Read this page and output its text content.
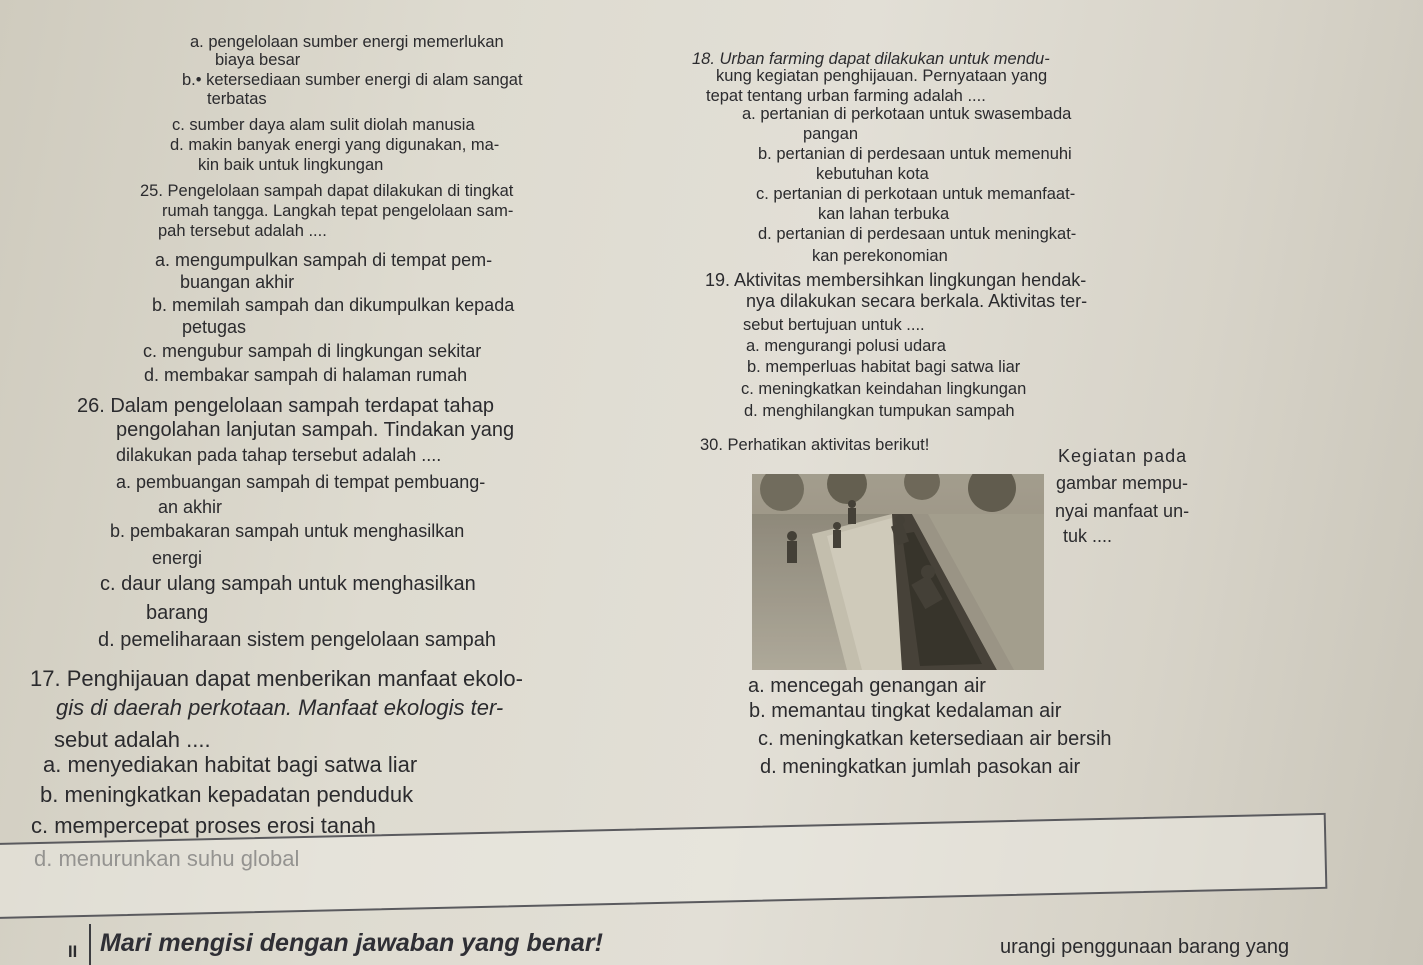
a. pengelolaan sumber energi memerlukan
biaya besar
b.• ketersediaan sumber energi di alam sangat
terbatas
c. sumber daya alam sulit diolah manusia
d. makin banyak energi yang digunakan, ma-
kin baik untuk lingkungan
25. Pengelolaan sampah dapat dilakukan di tingkat
rumah tangga. Langkah tepat pengelolaan sam-
pah tersebut adalah ....
a. mengumpulkan sampah di tempat pem-
buangan akhir
b. memilah sampah dan dikumpulkan kepada
petugas
c. mengubur sampah di lingkungan sekitar
d. membakar sampah di halaman rumah
26. Dalam pengelolaan sampah terdapat tahap
pengolahan lanjutan sampah. Tindakan yang
dilakukan pada tahap tersebut adalah ....
a. pembuangan sampah di tempat pembuang-
an akhir
b. pembakaran sampah untuk menghasilkan
energi
c. daur ulang sampah untuk menghasilkan
barang
d. pemeliharaan sistem pengelolaan sampah
17. Penghijauan dapat menberikan manfaat ekolo-
gis di daerah perkotaan. Manfaat ekologis ter-
sebut adalah ....
a. menyediakan habitat bagi satwa liar
b. meningkatkan kepadatan penduduk
c. mempercepat proses erosi tanah
18. Urban farming dapat dilakukan untuk mendu-
kung kegiatan penghijauan. Pernyataan yang
tepat tentang urban farming adalah ....
a. pertanian di perkotaan untuk swasembada
pangan
b. pertanian di perdesaan untuk memenuhi
kebutuhan kota
c. pertanian di perkotaan untuk memanfaat-
kan lahan terbuka
d. pertanian di perdesaan untuk meningkat-
kan perekonomian
19. Aktivitas membersihkan lingkungan hendak-
nya dilakukan secara berkala. Aktivitas ter-
sebut bertujuan untuk ....
a. mengurangi polusi udara
b. memperluas habitat bagi satwa liar
c. meningkatkan keindahan lingkungan
d. menghilangkan tumpukan sampah
30. Perhatikan aktivitas berikut!
Kegiatan pada
gambar mempu-
nyai manfaat un-
tuk ....
a. mencegah genangan air
b. memantau tingkat kedalaman air
c. meningkatkan ketersediaan air bersih
d. meningkatkan jumlah pasokan air
II Mari mengisi dengan jawaban yang benar!	urangi penggunaan barang yang
